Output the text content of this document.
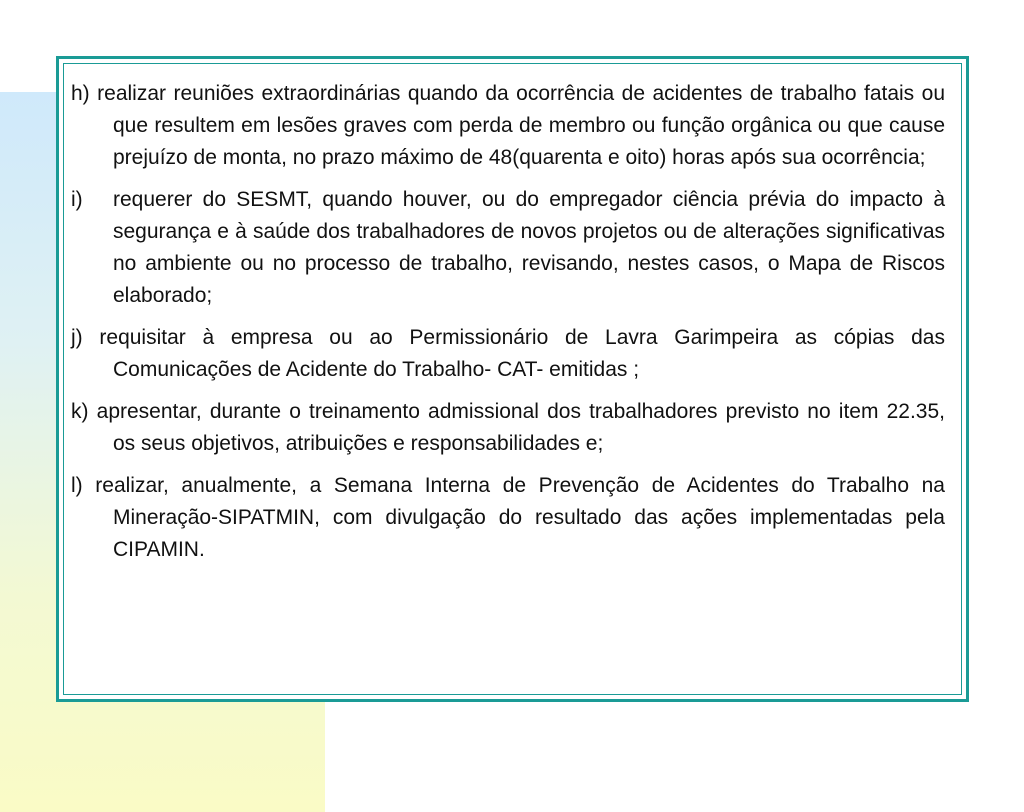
h) realizar reuniões extraordinárias quando da ocorrência de acidentes de trabalho fatais ou que resultem em lesões graves com perda de membro ou função orgânica ou que cause prejuízo de monta, no prazo máximo de 48(quarenta e oito) horas após sua ocorrência;
i) requerer do SESMT, quando houver, ou do empregador ciência prévia do impacto à segurança e à saúde dos trabalhadores de novos projetos ou de alterações significativas no ambiente ou no processo de trabalho, revisando, nestes casos, o Mapa de Riscos elaborado;
j) requisitar à empresa ou ao Permissionário de Lavra Garimpeira as cópias das Comunicações de Acidente do Trabalho- CAT- emitidas ;
k) apresentar, durante o treinamento admissional dos trabalhadores previsto no item 22.35, os seus objetivos, atribuições e responsabilidades e;
l) realizar, anualmente, a Semana Interna de Prevenção de Acidentes do Trabalho na Mineração-SIPATMIN, com divulgação do resultado das ações implementadas pela CIPAMIN.
